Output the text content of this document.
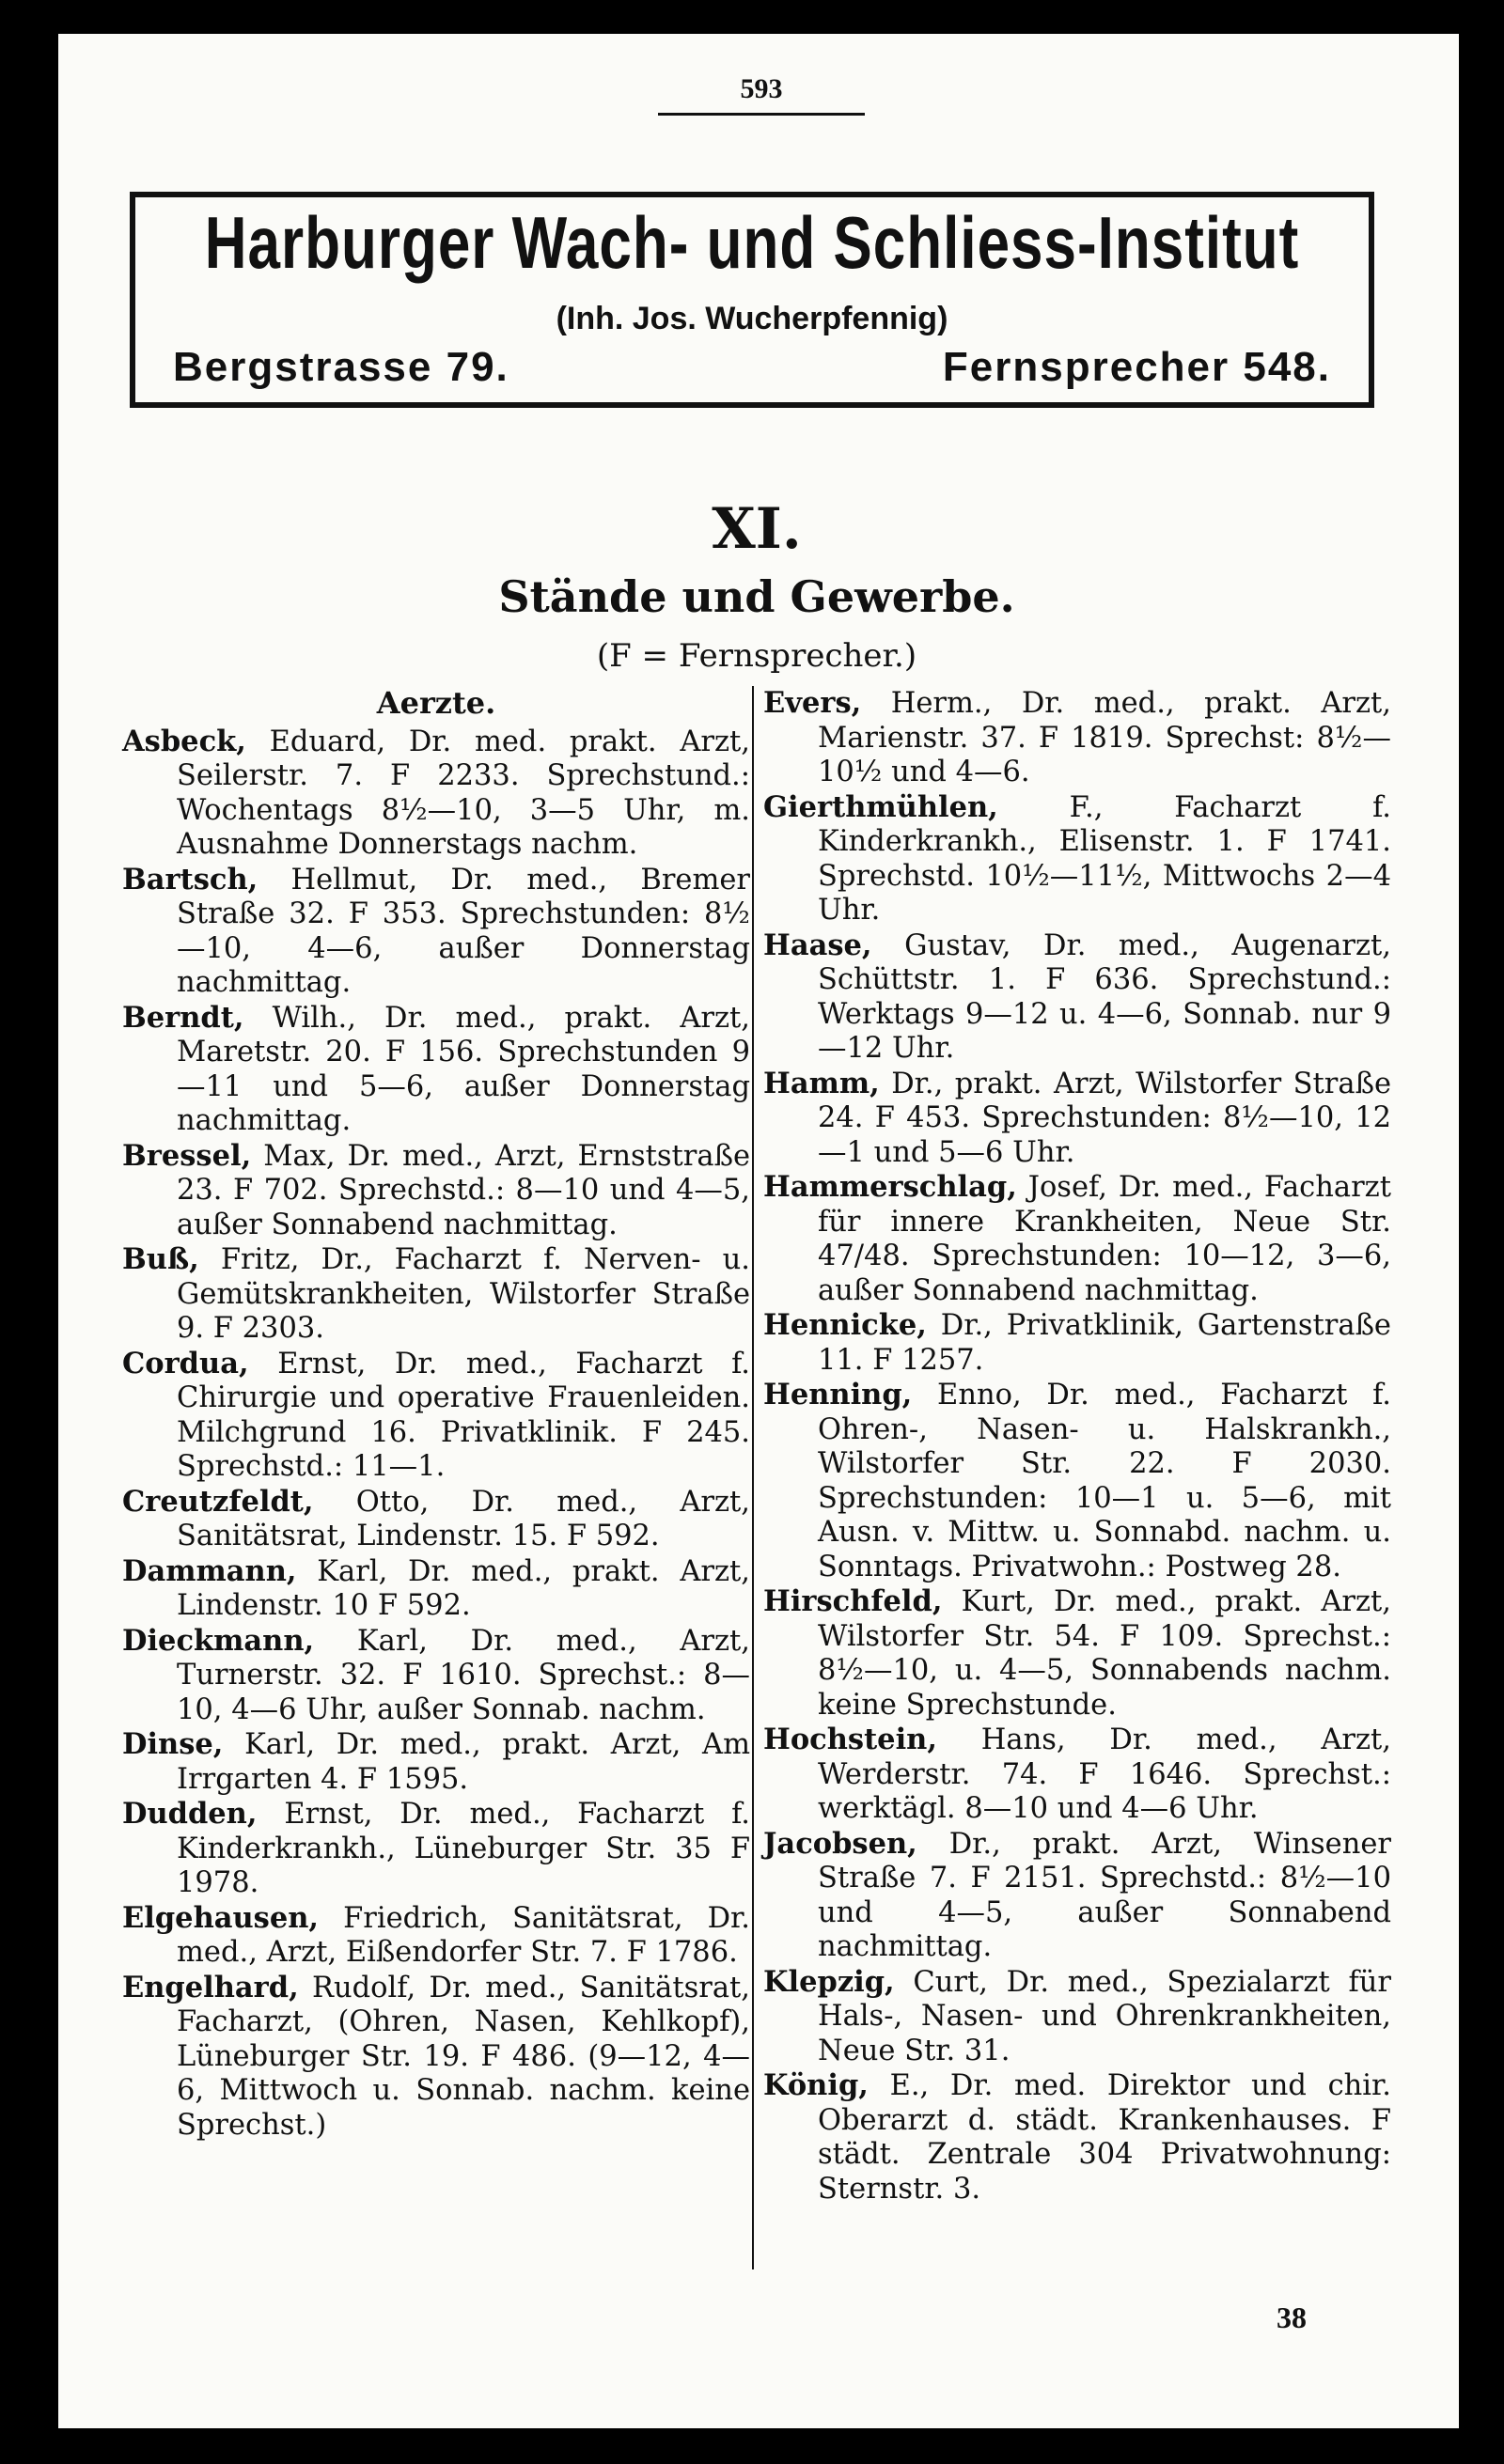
593
Harburger Wach- und Schliess-Institut
(Inh. Jos. Wucherpfennig)
Bergstrasse 79.	Fernsprecher 548.
XI.
Stände und Gewerbe.
(F = Fernsprecher.)
Aerzte.

Asbeck, Eduard, Dr. med. prakt. Arzt, Seilerstr. 7. F 2233. Sprechstund.: Wochentags 8½—10, 3—5 Uhr, m. Ausnahme Donnerstags nachm.

Bartsch, Hellmut, Dr. med., Bremer Straße 32. F 353. Sprechstunden: 8½—10, 4—6, außer Donnerstag nachmittag.

Berndt, Wilh., Dr. med., prakt. Arzt, Maretstr. 20. F 156. Sprechstunden 9—11 und 5—6, außer Donnerstag nachmittag.

Bressel, Max, Dr. med., Arzt, Ernststraße 23. F 702. Sprechstd.: 8—10 und 4—5, außer Sonnabend nachmittag.

Buß, Fritz, Dr., Facharzt f. Nerven- u. Gemütskrankheiten, Wilstorfer Straße 9. F 2303.

Cordua, Ernst, Dr. med., Facharzt f. Chirurgie und operative Frauenleiden. Milchgrund 16. Privatklinik. F 245. Sprechstd.: 11—1.

Creutzfeldt, Otto, Dr. med., Arzt, Sanitätsrat, Lindenstr. 15. F 592.

Dammann, Karl, Dr. med., prakt. Arzt, Lindenstr. 10 F 592.

Dieckmann, Karl, Dr. med., Arzt, Turnerstr. 32. F 1610. Sprechst.: 8—10, 4—6 Uhr, außer Sonnab. nachm.

Dinse, Karl, Dr. med., prakt. Arzt, Am Irrgarten 4. F 1595.

Dudden, Ernst, Dr. med., Facharzt f. Kinderkrankh., Lüneburger Str. 35 F 1978.

Elgehausen, Friedrich, Sanitätsrat, Dr. med., Arzt, Eißendorfer Str. 7. F 1786.

Engelhard, Rudolf, Dr. med., Sanitätsrat, Facharzt, (Ohren, Nasen, Kehlkopf), Lüneburger Str. 19. F 486. (9—12, 4—6, Mittwoch u. Sonnab. nachm. keine Sprechst.)

Evers, Herm., Dr. med., prakt. Arzt, Marienstr. 37. F 1819. Sprechst: 8½—10½ und 4—6.

Gierthmühlen, F., Facharzt f. Kinderkrankh., Elisenstr. 1. F 1741. Sprechstd. 10½—11½, Mittwochs 2—4 Uhr.

Haase, Gustav, Dr. med., Augenarzt, Schüttstr. 1. F 636. Sprechstund.: Werktags 9—12 u. 4—6, Sonnab. nur 9—12 Uhr.

Hamm, Dr., prakt. Arzt, Wilstorfer Straße 24. F 453. Sprechstunden: 8½—10, 12—1 und 5—6 Uhr.

Hammerschlag, Josef, Dr. med., Facharzt für innere Krankheiten, Neue Str. 47/48. Sprechstunden: 10—12, 3—6, außer Sonnabend nachmittag.

Hennicke, Dr., Privatklinik, Gartenstraße 11. F 1257.

Henning, Enno, Dr. med., Facharzt f. Ohren-, Nasen- u. Halskrankh., Wilstorfer Str. 22. F 2030. Sprechstunden: 10—1 u. 5—6, mit Ausn. v. Mittw. u. Sonnabd. nachm. u. Sonntags. Privatwohn.: Postweg 28.

Hirschfeld, Kurt, Dr. med., prakt. Arzt, Wilstorfer Str. 54. F 109. Sprechst.: 8½—10, u. 4—5, Sonnabends nachm. keine Sprechstunde.

Hochstein, Hans, Dr. med., Arzt, Werderstr. 74. F 1646. Sprechst.: werktägl. 8—10 und 4—6 Uhr.

Jacobsen, Dr., prakt. Arzt, Winsener Straße 7. F 2151. Sprechstd.: 8½—10 und 4—5, außer Sonnabend nachmittag.

Klepzig, Curt, Dr. med., Spezialarzt für Hals-, Nasen- und Ohrenkrankheiten, Neue Str. 31.

König, E., Dr. med. Direktor und chir. Oberarzt d. städt. Krankenhauses. F städt. Zentrale 304 Privatwohnung: Sternstr. 3.

38
